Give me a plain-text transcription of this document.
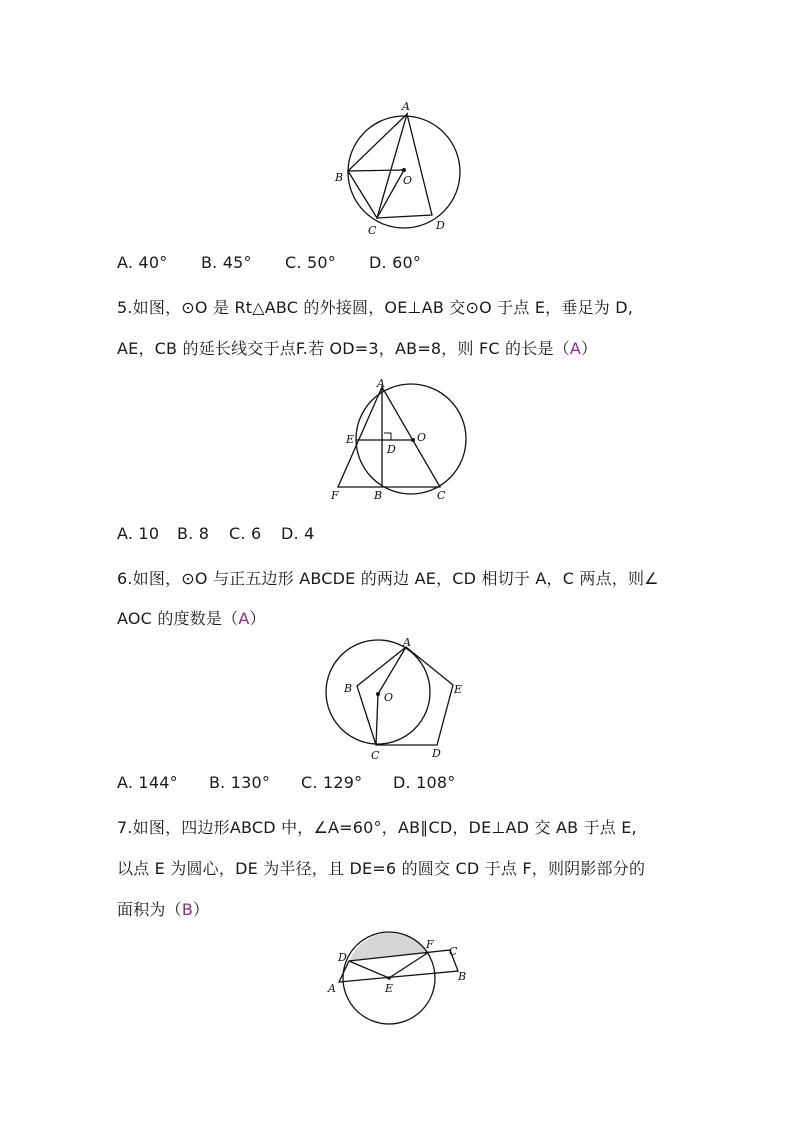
A
B	O
C	D
A. 40° B. 45° C. 50° D. 60°
5.如图，⊙O 是 Rt△ABC 的外接圆，OE⊥AB 交⊙O 于点 E，垂足为 D,
AE，CB 的延长线交于点F.若 OD=3，AB=8，则 FC 的长是（A）
A
E
D
O
F	B	C
A. 10 B. 8 C. 6 D. 4
6.如图，⊙O 与正五边形 ABCDE 的两边 AE，CD 相切于 A，C 两点，则∠
AOC 的度数是（A）
A
B
O
E
C	D
A. 144° B. 130° C. 129° D. 108°
7.如图，四边形ABCD 中，∠A=60°，AB∥CD，DE⊥AD 交 AB 于点 E,
以点 E 为圆心，DE 为半径，且 DE=6 的圆交 CD 于点 F，则阴影部分的
面积为（B）
D
F
C
A	E
B
